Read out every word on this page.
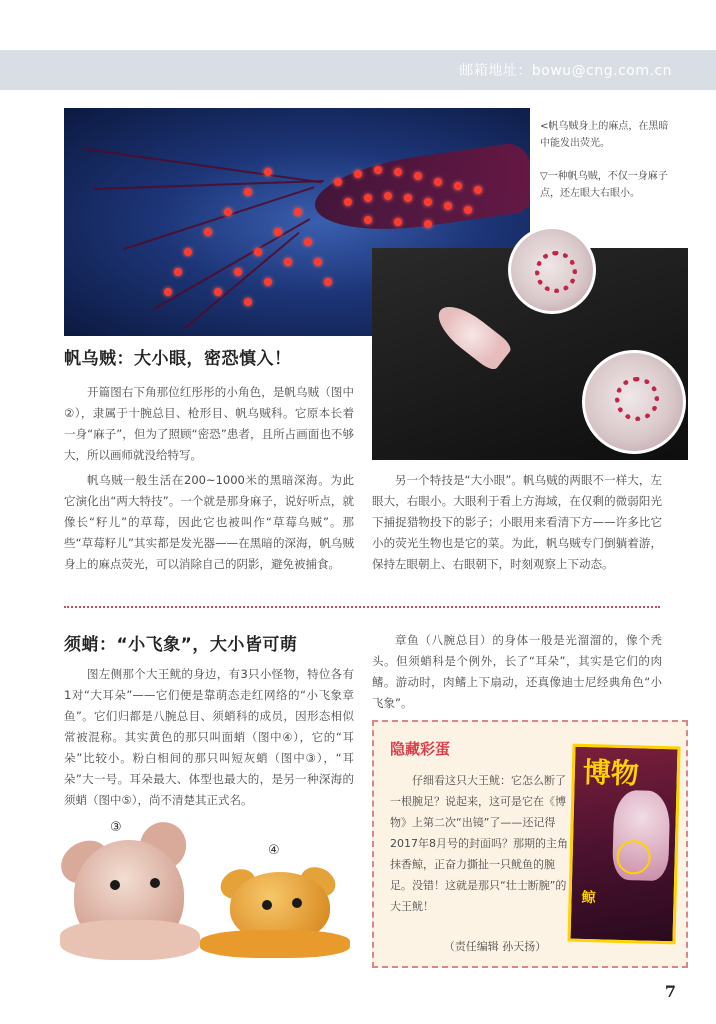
邮箱地址：bowu@cng.com.cn

<帆乌贼身上的麻点，在黑暗中能发出荧光。

▽一种帆乌贼，不仅一身麻子点，还左眼大右眼小。

帆乌贼：大小眼，密恐慎入！
开篇图右下角那位红彤彤的小角色，是帆乌贼（图中②），隶属于十腕总目、枪形目、帆乌贼科。它原本长着一身“麻子”，但为了照顾“密恐”患者，且所占画面也不够大，所以画师就没给特写。
帆乌贼一般生活在200~1000米的黑暗深海。为此它演化出“两大特技”。一个就是那身麻子，说好听点，就像长“籽儿”的草莓，因此它也被叫作“草莓乌贼”。那些“草莓籽儿”其实都是发光器——在黑暗的深海，帆乌贼身上的麻点荧光，可以消除自己的阴影，避免被捕食。
另一个特技是“大小眼”。帆乌贼的两眼不一样大，左眼大，右眼小。大眼利于看上方海域，在仅剩的微弱阳光下捕捉猎物投下的影子；小眼用来看清下方——许多比它小的荧光生物也是它的菜。为此，帆乌贼专门倒躺着游，保持左眼朝上、右眼朝下，时刻观察上下动态。
须蛸：“小飞象”，大小皆可萌
图左侧那个大王鱿的身边，有3只小怪物，特位各有1对“大耳朵”——它们便是靠萌态走红网络的“小飞象章鱼”。它们归都是八腕总目、须蛸科的成员，因形态相似常被混称。其实黄色的那只叫面蛸（图中④），它的“耳朵”比较小。粉白相间的那只叫短灰蛸（图中③），“耳朵”大一号。耳朵最大、体型也最大的，是另一种深海的须蛸（图中⑤），尚不清楚其正式名。
章鱼（八腕总目）的身体一般是光溜溜的，像个秃头。但须蛸科是个例外，长了“耳朵”，其实是它们的肉鳍。游动时，肉鳍上下扇动，还真像迪士尼经典角色“小飞象”。
③
④
隐藏彩蛋
仔细看这只大王鱿：它怎么断了一根腕足？说起来，这可是它在《博物》上第二次“出镜”了——还记得2017年8月号的封面吗？那期的主角抹香鲸，正奋力撕扯一只鱿鱼的腕足。没错！这就是那只“壮士断腕”的大王鱿！
（责任编辑 孙天扬）
博物
鲸
7
